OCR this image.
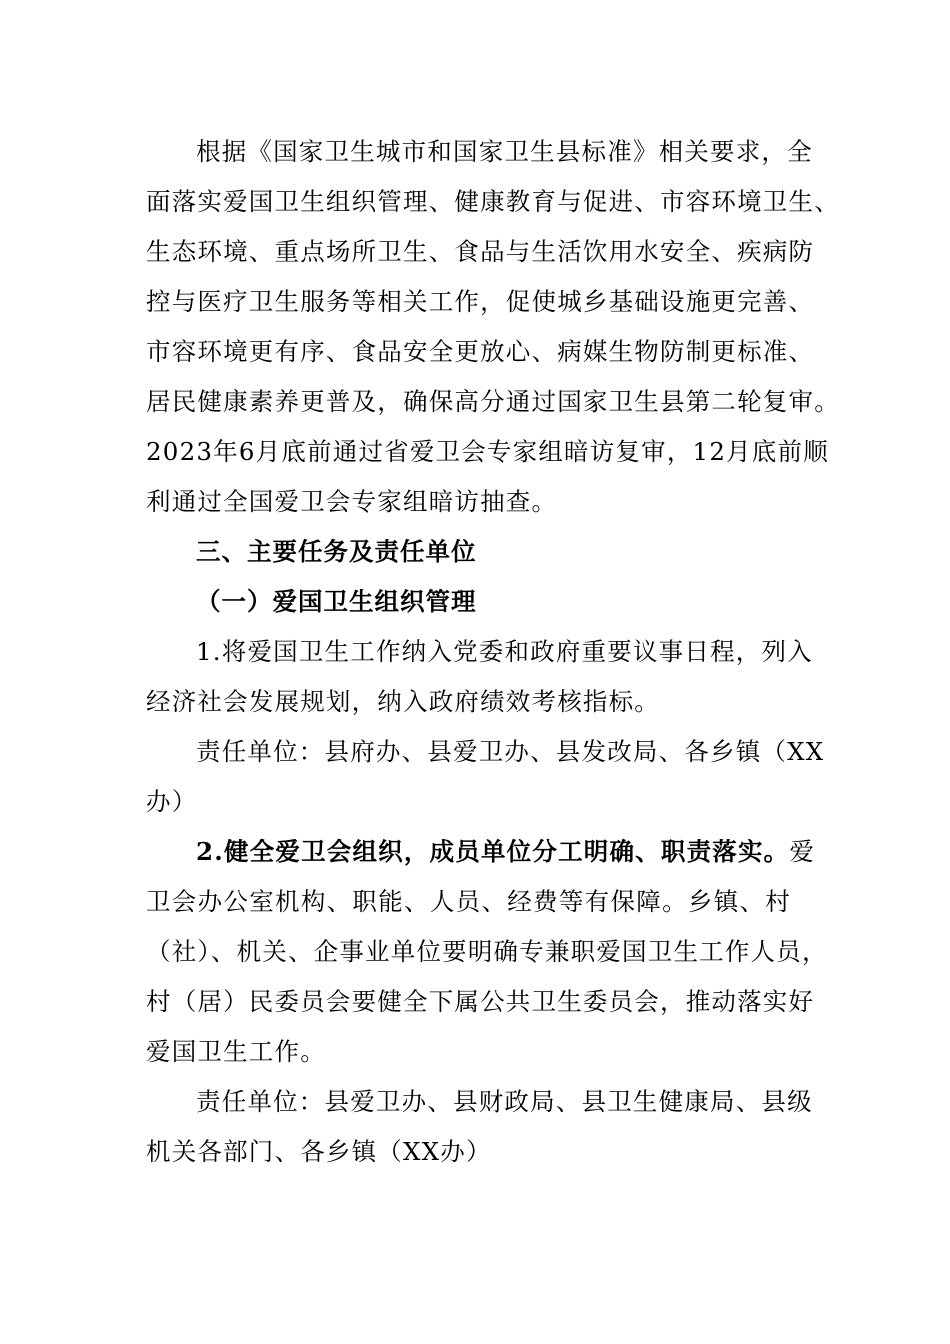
根据《国家卫生城市和国家卫生县标准》相关要求，全
面落实爱国卫生组织管理、健康教育与促进、市容环境卫生、
生态环境、重点场所卫生、食品与生活饮用水安全、疾病防
控与医疗卫生服务等相关工作，促使城乡基础设施更完善、
市容环境更有序、食品安全更放心、病媒生物防制更标准、
居民健康素养更普及，确保高分通过国家卫生县第二轮复审。
2023年6月底前通过省爱卫会专家组暗访复审，12月底前顺
利通过全国爱卫会专家组暗访抽查。
三、主要任务及责任单位
（一）爱国卫生组织管理
1.将爱国卫生工作纳入党委和政府重要议事日程，列入
经济社会发展规划，纳入政府绩效考核指标。
责任单位：县府办、县爱卫办、县发改局、各乡镇（XX
办）
2.健全爱卫会组织，成员单位分工明确、职责落实。爱
卫会办公室机构、职能、人员、经费等有保障。乡镇、村
（社）、机关、企事业单位要明确专兼职爱国卫生工作人员，
村（居）民委员会要健全下属公共卫生委员会，推动落实好
爱国卫生工作。
责任单位：县爱卫办、县财政局、县卫生健康局、县级
机关各部门、各乡镇（XX办）
